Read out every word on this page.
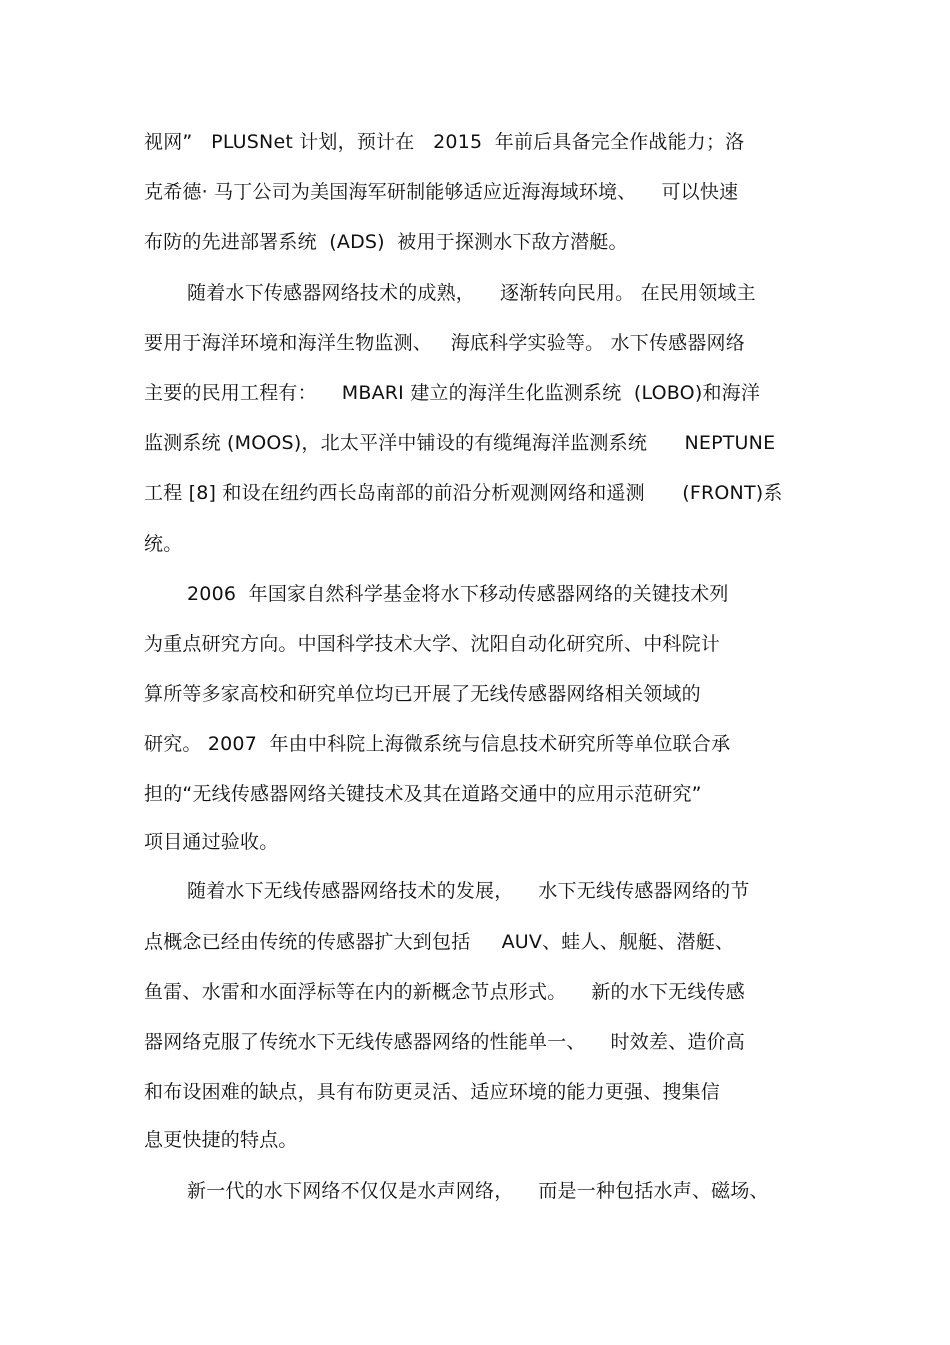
视网”   PLUSNet 计划，预计在   2015  年前后具备完全作战能力；洛
克希德· 马丁公司为美国海军研制能够适应近海海域环境、    可以快速
布防的先进部署系统  (ADS)  被用于探测水下敌方潜艇。
随着水下传感器网络技术的成熟，    逐渐转向民用。 在民用领域主
要用于海洋环境和海洋生物监测、   海底科学实验等。 水下传感器网络
主要的民用工程有：    MBARI 建立的海洋生化监测系统  (LOBO)和海洋
监测系统 (MOOS)，北太平洋中铺设的有缆绳海洋监测系统      NEPTUNE
工程 [8] 和设在纽约西长岛南部的前沿分析观测网络和遥测      (FRONT)系
统。
2006  年国家自然科学基金将水下移动传感器网络的关键技术列
为重点研究方向。中国科学技术大学、沈阳自动化研究所、中科院计
算所等多家高校和研究单位均已开展了无线传感器网络相关领域的
研究。 2007  年由中科院上海微系统与信息技术研究所等单位联合承
担的“无线传感器网络关键技术及其在道路交通中的应用示范研究”
项目通过验收。
随着水下无线传感器网络技术的发展，    水下无线传感器网络的节
点概念已经由传统的传感器扩大到包括     AUV、蛙人、舰艇、潜艇、
鱼雷、水雷和水面浮标等在内的新概念节点形式。    新的水下无线传感
器网络克服了传统水下无线传感器网络的性能单一、    时效差、造价高
和布设困难的缺点，具有布防更灵活、适应环境的能力更强、搜集信
息更快捷的特点。
新一代的水下网络不仅仅是水声网络，    而是一种包括水声、磁场、
